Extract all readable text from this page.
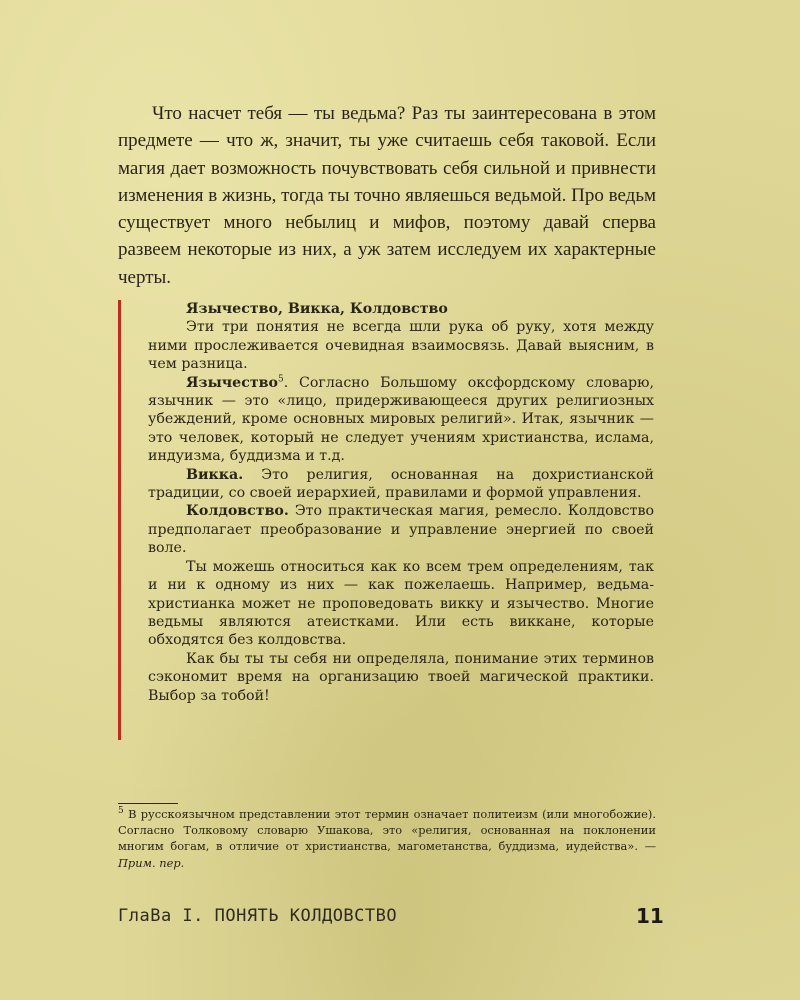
Что насчет тебя — ты ведьма? Раз ты заинтересована в этом предмете — что ж, значит, ты уже считаешь себя таковой. Если магия дает возможность почувствовать себя сильной и привнести изменения в жизнь, тогда ты точно являешься ведьмой. Про ведьм существует много небылиц и мифов, поэтому давай сперва развеем некоторые из них, а уж затем исследуем их характерные черты.

Язычество, Викка, Колдовство

Эти три понятия не всегда шли рука об руку, хотя между ними прослеживается очевидная взаимосвязь. Давай выясним, в чем разница.

Язычество$^5$. Согласно Большому оксфордскому словарю, язычник — это «лицо, придерживающееся других религиозных убеждений, кроме основных мировых религий». Итак, язычник — это человек, который не следует учениям христианства, ислама, индуизма, буддизма и т.д.

Викка. Это религия, основанная на дохристианской традиции, со своей иерархией, правилами и формой управления.

Колдовство. Это практическая магия, ремесло. Колдовство предполагает преобразование и управление энергией по своей воле.

Ты можешь относиться как ко всем трем определениям, так и ни к одному из них — как пожелаешь. Например, ведьма-христианка может не проповедовать викку и язычество. Многие ведьмы являются атеистками. Или есть викканe, которые обходятся без колдовства.

Как бы ты ты себя ни определяла, понимание этих терминов сэкономит время на организацию твоей магической практики. Выбор за тобой!

$^5$ В русскоязычном представлении этот термин означает политеизм (или многобожие). Согласно Толковому словарю Ушакова, это «религия, основанная на поклонении многим богам, в отличие от христианства, магометанства, буддизма, иудейства». — Прим. пер.

ГлаВа I. ПОНЯТЬ КОЛДОВСТВО	11
